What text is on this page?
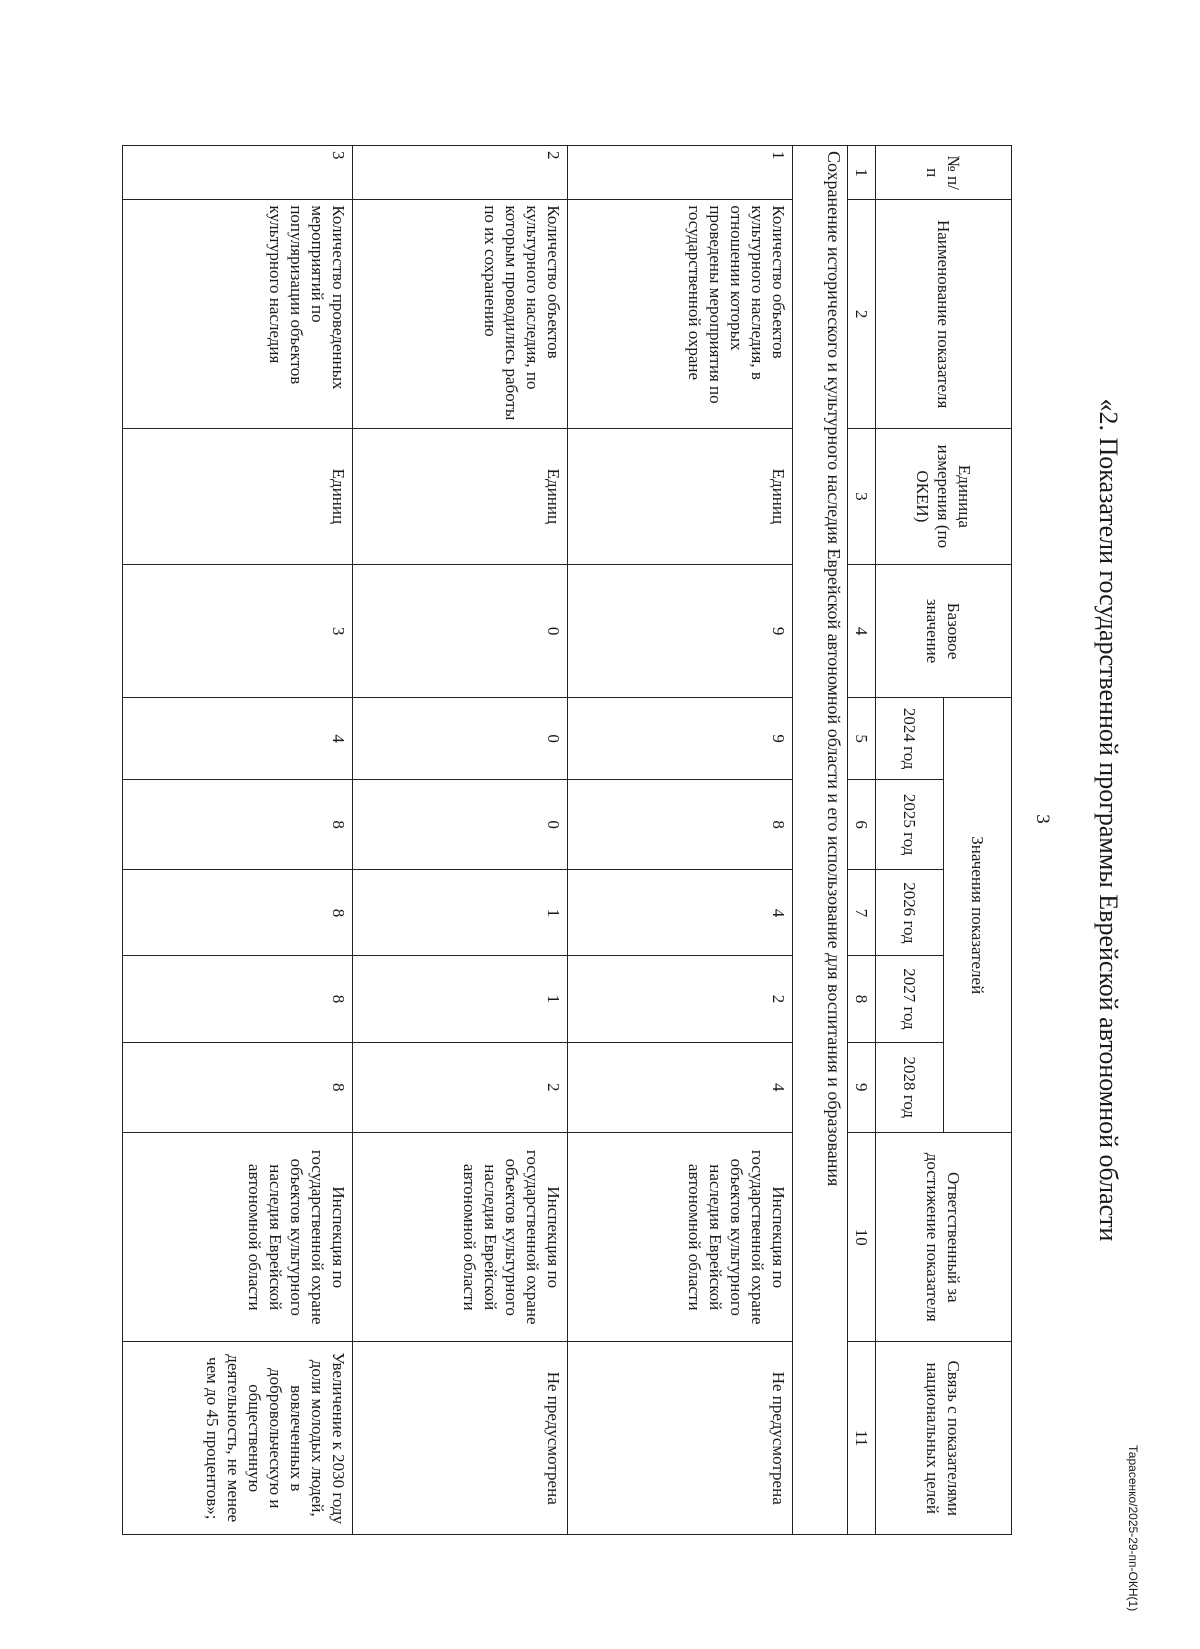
3 «2. Показатели государственной программы Еврейской автономной области
№ п/п	Наименование показателя	Единица измерения (по ОКЕИ)	Базовое значение	Значения показателей					Ответственный за достижение показателя	Связь с показателями национальных целей
				2024 год	2025 год	2026 год	2027 год	2028 год		
1	2	3	4	5	6	7	8	9	10	11
Сохранение исторического и культурного наследия Еврейской автономной области и его использование для воспитания и образования										
1	Количество объектов культурного наследия, в отношении которых проведены мероприятия по государственной охране	Единиц	9	9	8	4	2	4	Инспекция по государственной охране объектов культурного наследия Еврейской автономной области	Не предусмотрена
2	Количество объектов культурного наследия, по которым проводились работы по их сохранению	Единиц	0	0	0	1	1	2	Инспекция по государственной охране объектов культурного наследия Еврейской автономной области	Не предусмотрена
3	Количество проведенных мероприятий по популяризации объектов культурного наследия	Единиц	3	4	8	8	8	8	Инспекция по государственной охране объектов культурного наследия Еврейской автономной области	Увеличение к 2030 году доли молодых людей, вовлеченных в добровольческую и общественную деятельность, не менее чем до 45 процентов»;
Тарасенко/2025-29-пп-ОКН(1)
